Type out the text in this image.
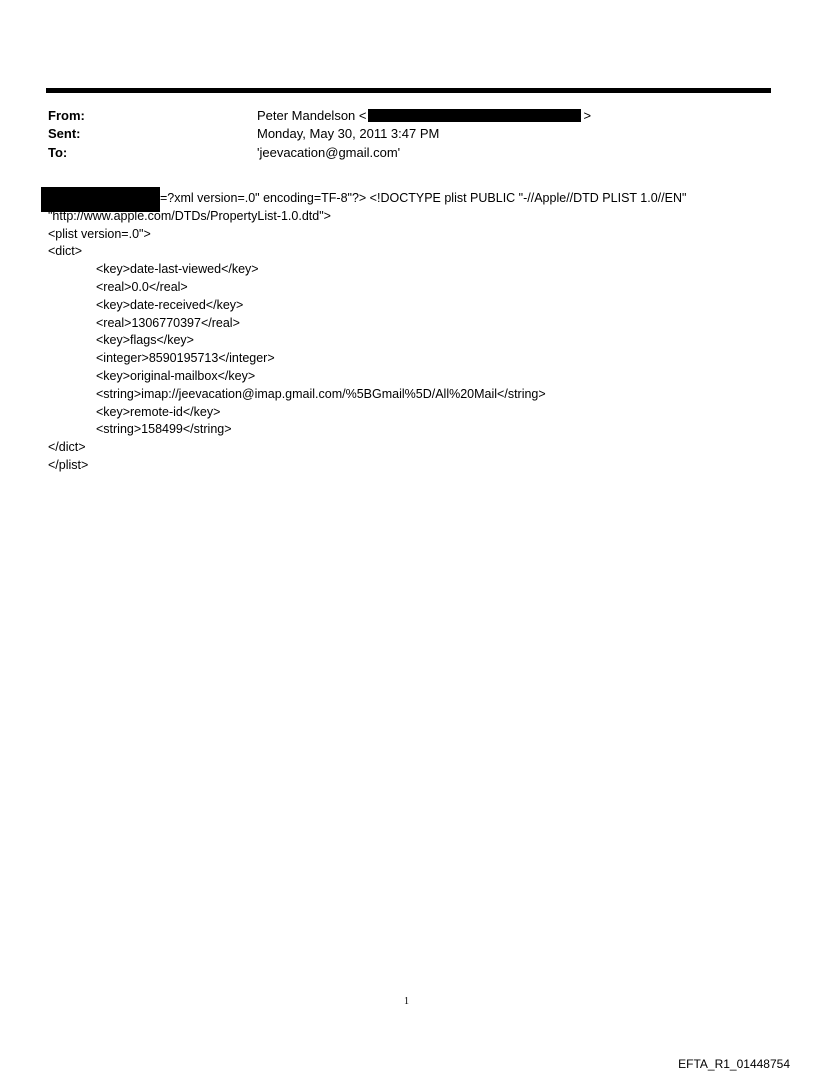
From:	Peter Mandelson <	>
Sent:	Monday, May 30, 2011 3:47 PM
To:	'jeevacation@gmail.com'
=?xml version=.0" encoding=TF-8"?> <!DOCTYPE plist PUBLIC "-//Apple//DTD PLIST 1.0//EN"
"http://www.apple.com/DTDs/PropertyList-1.0.dtd">
<plist version=.0">
<dict>
<key>date-last-viewed</key>
<real>0.0</real>
<key>date-received</key>
<real>1306770397</real>
<key>flags</key>
<integer>8590195713</integer>
<key>original-mailbox</key>
<string>imap://jeevacation@imap.gmail.com/%5BGmail%5D/All%20Mail</string>
<key>remote-id</key>
<string>158499</string>
</dict>
</plist>
1
EFTA_R1_01448754
